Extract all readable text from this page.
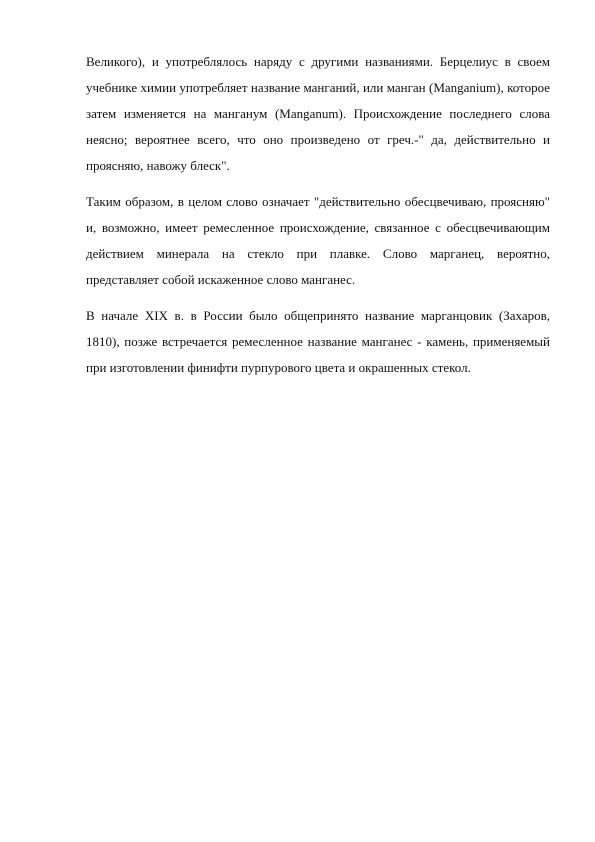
Великого), и употреблялось наряду с другими названиями. Берцелиус в своем учебнике химии употребляет название манганий, или манган (Manganium), которое затем изменяется на манганум (Manganum). Происхождение последнего слова неясно; вероятнее всего, что оно произведено от греч.-" да, действительно и проясняю, навожу блеск".

Таким образом, в целом слово означает "действительно обесцвечиваю, проясняю" и, возможно, имеет ремесленное происхождение, связанное с обесцвечивающим действием минерала на стекло при плавке. Слово марганец, вероятно, представляет собой искаженное слово манганес.

В начале XIX в. в России было общепринято название марганцовик (Захаров, 1810), позже встречается ремесленное название манганес - камень, применяемый при изготовлении финифти пурпурового цвета и окрашенных стекол.
